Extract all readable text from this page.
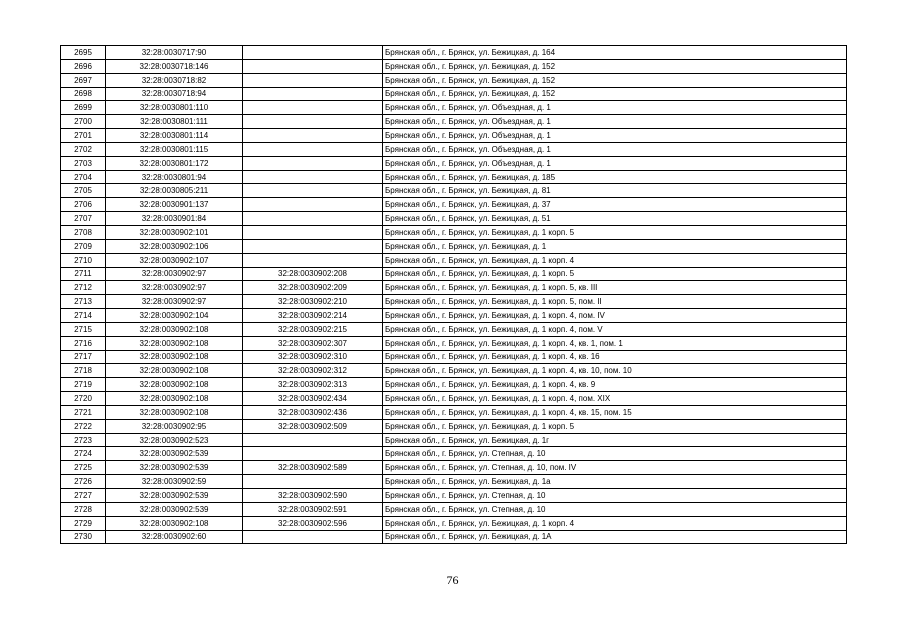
2695	32:28:0030717:90		Брянская обл., г. Брянск, ул. Бежицкая, д. 164
2696	32:28:0030718:146		Брянская обл., г. Брянск, ул. Бежицкая, д. 152
2697	32:28:0030718:82		Брянская обл., г. Брянск, ул. Бежицкая, д. 152
2698	32:28:0030718:94		Брянская обл., г. Брянск, ул. Бежицкая, д. 152
2699	32:28:0030801:110		Брянская обл., г. Брянск, ул. Объездная, д. 1
2700	32:28:0030801:111		Брянская обл., г. Брянск, ул. Объездная, д. 1
2701	32:28:0030801:114		Брянская обл., г. Брянск, ул. Объездная, д. 1
2702	32:28:0030801:115		Брянская обл., г. Брянск, ул. Объездная, д. 1
2703	32:28:0030801:172		Брянская обл., г. Брянск, ул. Объездная, д. 1
2704	32:28:0030801:94		Брянская обл., г. Брянск, ул. Бежицкая, д. 185
2705	32:28:0030805:211		Брянская обл., г. Брянск, ул. Бежицкая, д. 81
2706	32:28:0030901:137		Брянская обл., г. Брянск, ул. Бежицкая, д. 37
2707	32:28:0030901:84		Брянская обл., г. Брянск, ул. Бежицкая, д. 51
2708	32:28:0030902:101		Брянская обл., г. Брянск, ул. Бежицкая, д. 1 корп. 5
2709	32:28:0030902:106		Брянская обл., г. Брянск, ул. Бежицкая, д. 1
2710	32:28:0030902:107		Брянская обл., г. Брянск, ул. Бежицкая, д. 1 корп. 4
2711	32:28:0030902:97	32:28:0030902:208	Брянская обл., г. Брянск, ул. Бежицкая, д. 1 корп. 5
2712	32:28:0030902:97	32:28:0030902:209	Брянская обл., г. Брянск, ул. Бежицкая, д. 1 корп. 5, кв. III
2713	32:28:0030902:97	32:28:0030902:210	Брянская обл., г. Брянск, ул. Бежицкая, д. 1 корп. 5, пом. II
2714	32:28:0030902:104	32:28:0030902:214	Брянская обл., г. Брянск, ул. Бежицкая, д. 1 корп. 4, пом. IV
2715	32:28:0030902:108	32:28:0030902:215	Брянская обл., г. Брянск, ул. Бежицкая, д. 1 корп. 4, пом. V
2716	32:28:0030902:108	32:28:0030902:307	Брянская обл., г. Брянск, ул. Бежицкая, д. 1 корп. 4, кв. 1, пом. 1
2717	32:28:0030902:108	32:28:0030902:310	Брянская обл., г. Брянск, ул. Бежицкая, д. 1 корп. 4, кв. 16
2718	32:28:0030902:108	32:28:0030902:312	Брянская обл., г. Брянск, ул. Бежицкая, д. 1 корп. 4, кв. 10, пом. 10
2719	32:28:0030902:108	32:28:0030902:313	Брянская обл., г. Брянск, ул. Бежицкая, д. 1 корп. 4, кв. 9
2720	32:28:0030902:108	32:28:0030902:434	Брянская обл., г. Брянск, ул. Бежицкая, д. 1 корп. 4, пом. XIX
2721	32:28:0030902:108	32:28:0030902:436	Брянская обл., г. Брянск, ул. Бежицкая, д. 1 корп. 4, кв. 15, пом. 15
2722	32:28:0030902:95	32:28:0030902:509	Брянская обл., г. Брянск, ул. Бежицкая, д. 1 корп. 5
2723	32:28:0030902:523		Брянская обл., г. Брянск, ул. Бежицкая, д. 1г
2724	32:28:0030902:539		Брянская обл., г. Брянск, ул. Степная, д. 10
2725	32:28:0030902:539	32:28:0030902:589	Брянская обл., г. Брянск, ул. Степная, д. 10, пом. IV
2726	32:28:0030902:59		Брянская обл., г. Брянск, ул. Бежицкая, д. 1а
2727	32:28:0030902:539	32:28:0030902:590	Брянская обл., г. Брянск, ул. Степная, д. 10
2728	32:28:0030902:539	32:28:0030902:591	Брянская обл., г. Брянск, ул. Степная, д. 10
2729	32:28:0030902:108	32:28:0030902:596	Брянская обл., г. Брянск, ул. Бежицкая, д. 1 корп. 4
2730	32:28:0030902:60		Брянская обл., г. Брянск, ул. Бежицкая, д. 1А
76
